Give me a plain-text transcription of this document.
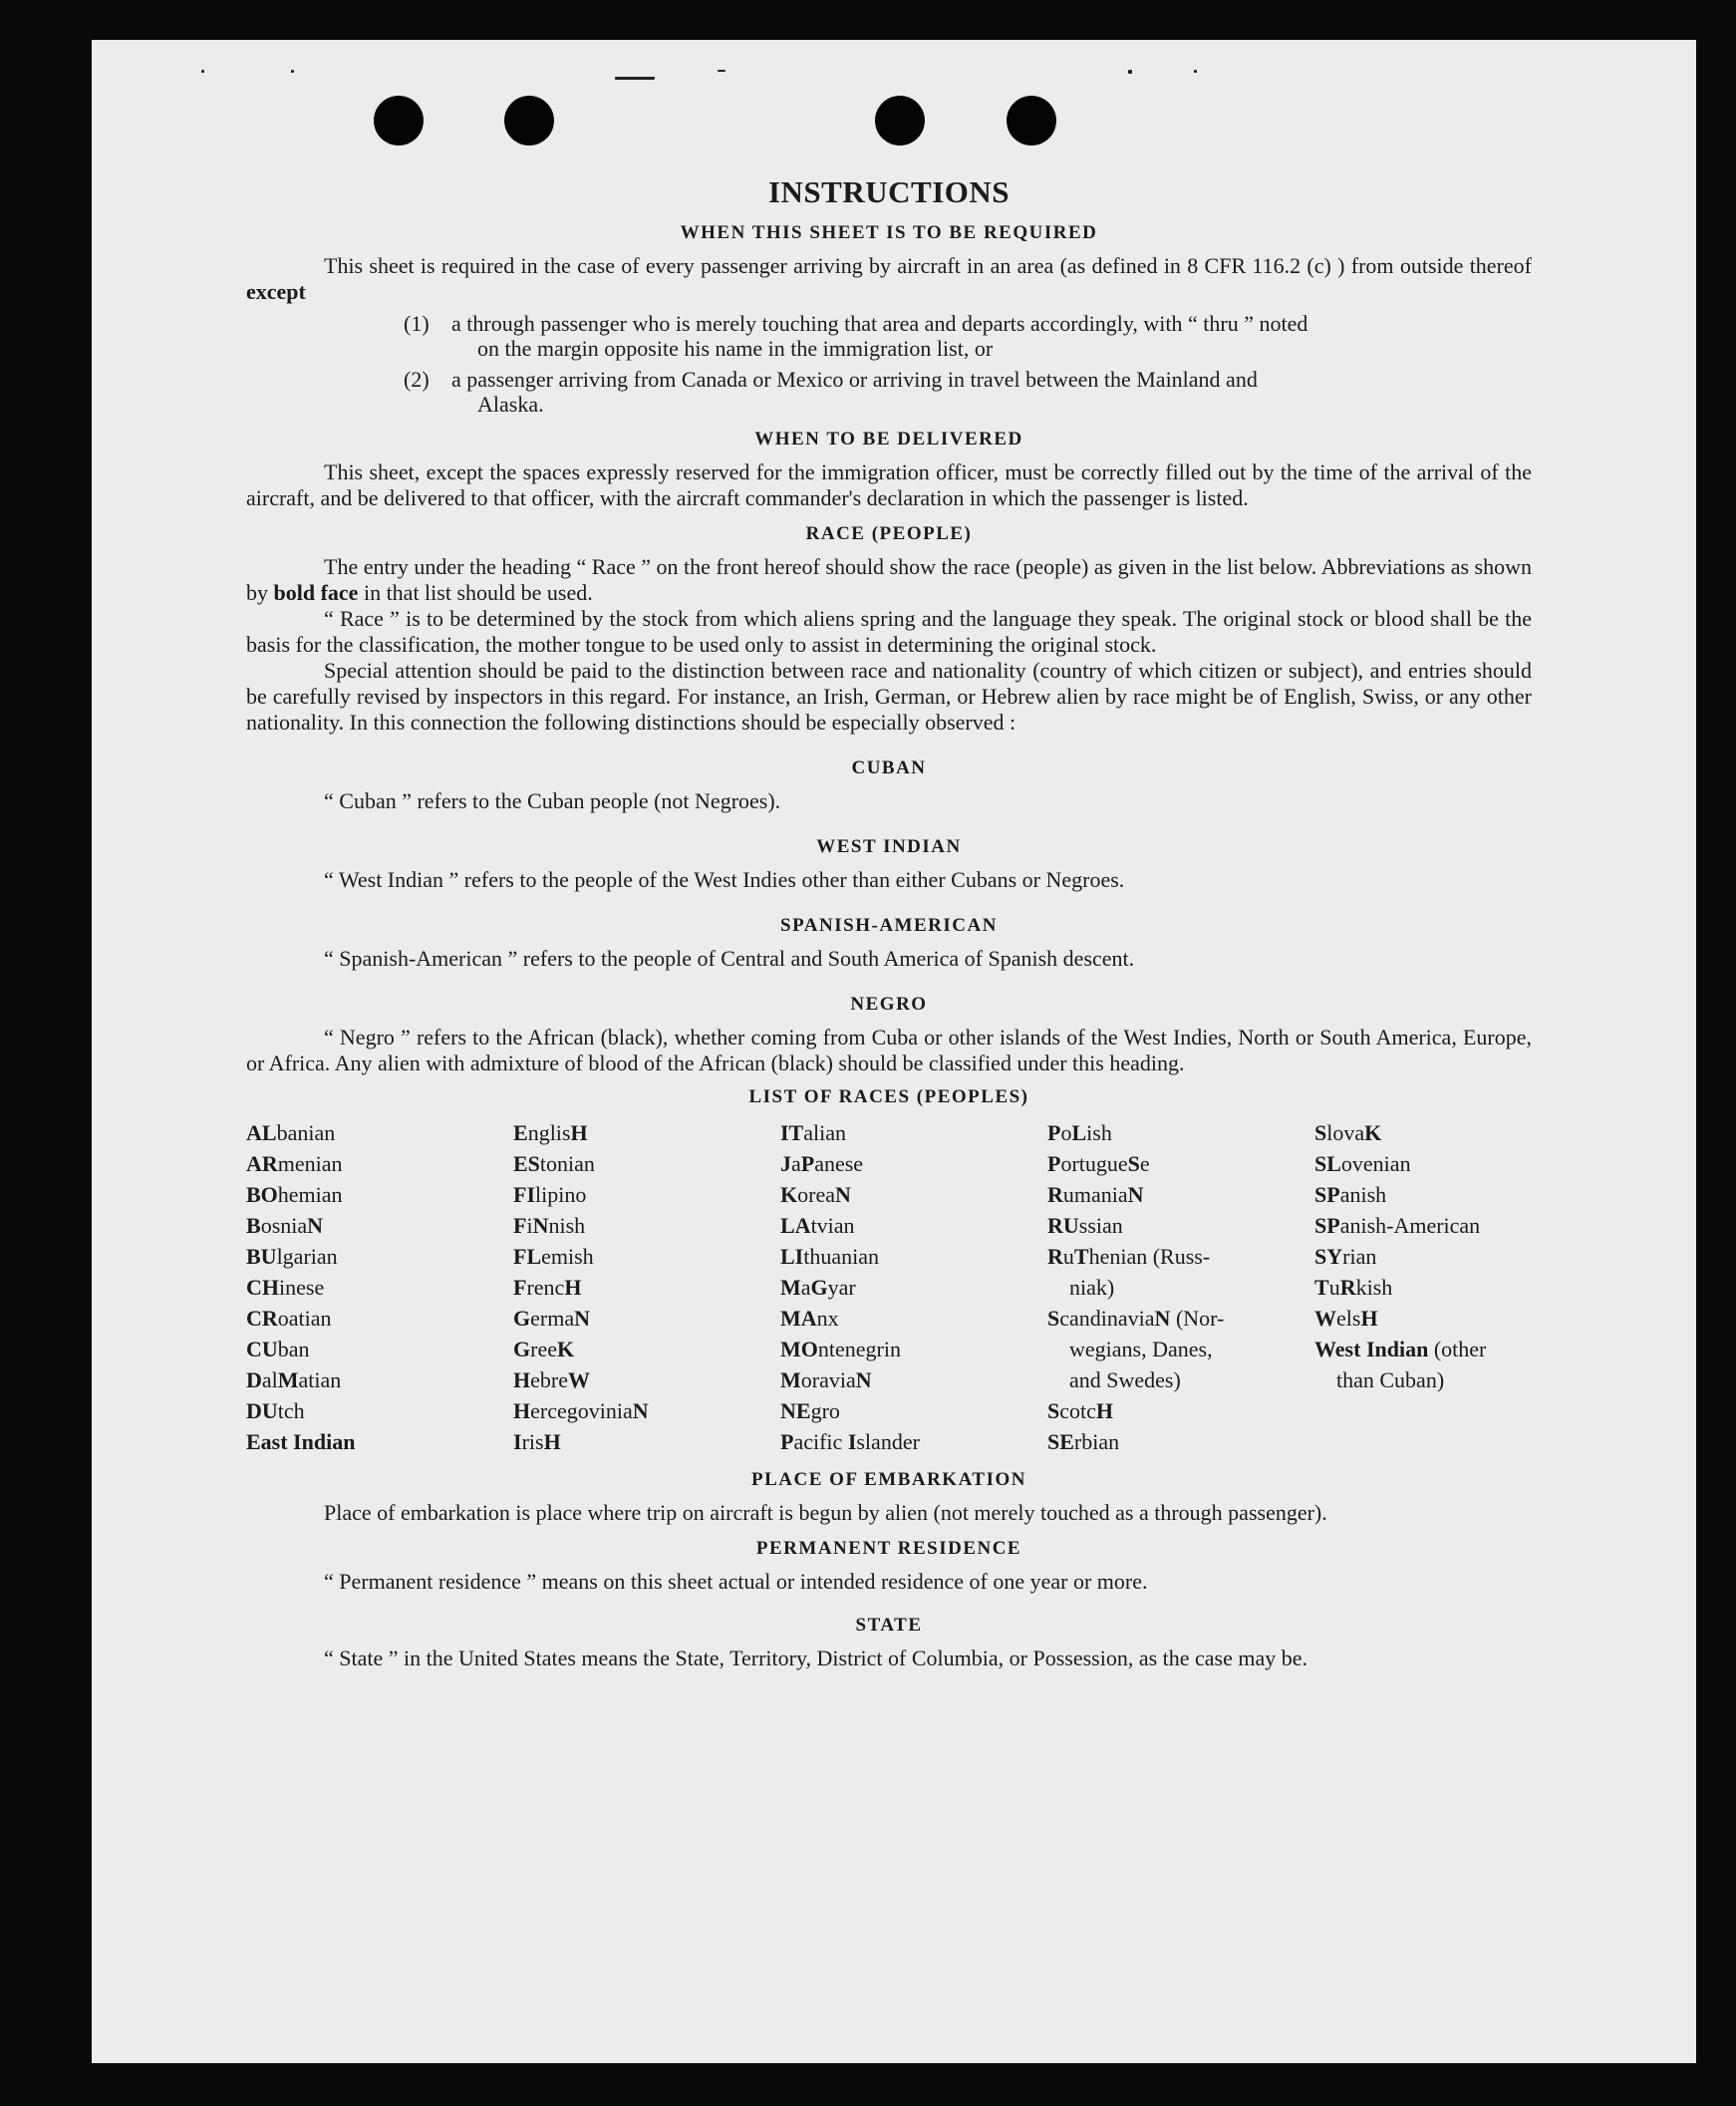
INSTRUCTIONS
WHEN THIS SHEET IS TO BE REQUIRED

This sheet is required in the case of every passenger arriving by aircraft in an area (as defined in 8 CFR 116.2 (c) ) from outside thereof except

(1)	a through passenger who is merely touching that area and departs accordingly, with “ thru ” noted
on the margin opposite his name in the immigration list, or
(2)	a passenger arriving from Canada or Mexico or arriving in travel between the Mainland and
Alaska.
WHEN TO BE DELIVERED

This sheet, except the spaces expressly reserved for the immigration officer, must be correctly filled out by the time of the arrival of the aircraft, and be delivered to that officer, with the aircraft commander's declaration in which the passenger is listed.

RACE (PEOPLE)

The entry under the heading “ Race ” on the front hereof should show the race (people) as given in the list below. Abbreviations as shown by bold face in that list should be used.

“ Race ” is to be determined by the stock from which aliens spring and the language they speak. The original stock or blood shall be the basis for the classification, the mother tongue to be used only to assist in determining the original stock.

Special attention should be paid to the distinction between race and nationality (country of which citizen or subject), and entries should be carefully revised by inspectors in this regard. For instance, an Irish, German, or Hebrew alien by race might be of English, Swiss, or any other nationality. In this connection the following distinctions should be especially observed :

CUBAN

“ Cuban ” refers to the Cuban people (not Negroes).

WEST INDIAN

“ West Indian ” refers to the people of the West Indies other than either Cubans or Negroes.

SPANISH-AMERICAN

“ Spanish-American ” refers to the people of Central and South America of Spanish descent.

NEGRO

“ Negro ” refers to the African (black), whether coming from Cuba or other islands of the West Indies, North or South America, Europe, or Africa. Any alien with admixture of blood of the African (black) should be classified under this heading.

LIST OF RACES (PEOPLES)
ALbanian
ARmenian
BOhemian
BosniaN
BUlgarian
CHinese
CRoatian
CUban
DalMatian
DUtch
East Indian
EnglisH
EStonian
FIlipino
FiNnish
FLemish
FrencH
GermaN
GreeK
HebreW
HercegoviniaN
IrisH
ITalian
JaPanese
KoreaN
LAtvian
LIthuanian
MaGyar
MAnx
MOntenegrin
MoraviaN
NEgro
Pacific Islander
PoLish
PortugueSe
RumaniaN
RUssian
RuThenian (Russ-
niak)
ScandinaviaN (Nor-
wegians, Danes,
and Swedes)
ScotcH
SErbian
SlovaK
SLovenian
SPanish
SPanish-American
SYrian
TuRkish
WelsH
West Indian (other
than Cuban)
PLACE OF EMBARKATION

Place of embarkation is place where trip on aircraft is begun by alien (not merely touched as a through passenger).

PERMANENT RESIDENCE

“ Permanent residence ” means on this sheet actual or intended residence of one year or more.

STATE

“ State ” in the United States means the State, Territory, District of Columbia, or Possession, as the case may be.
